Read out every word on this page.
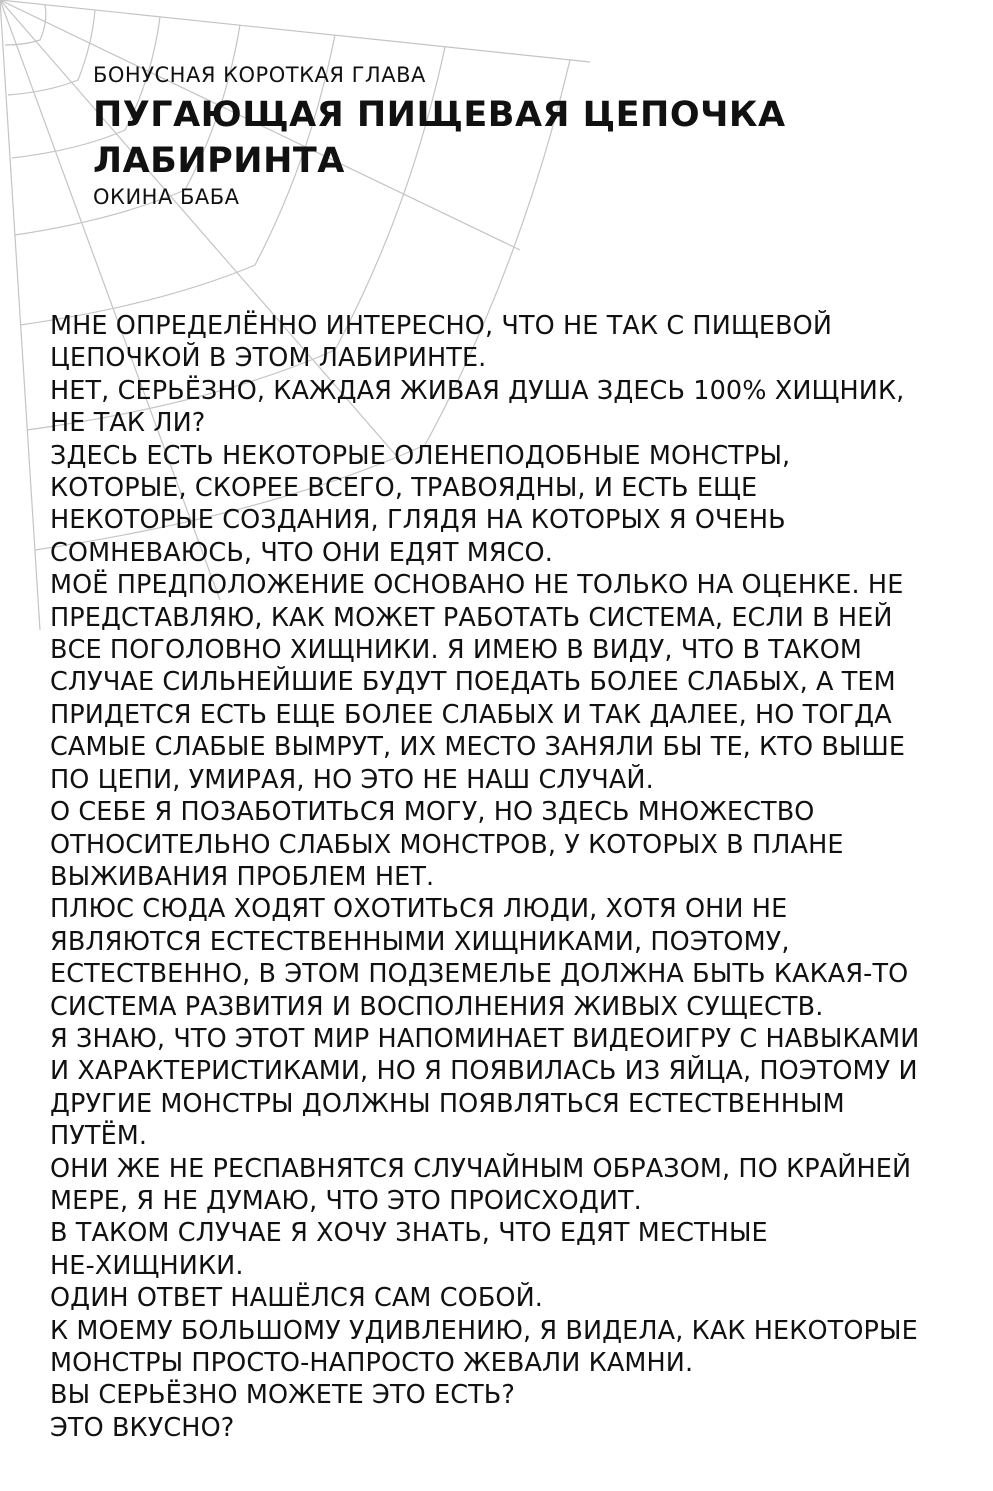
БОНУСНАЯ КОРОТКАЯ ГЛАВА

ПУГАЮЩАЯ ПИЩЕВАЯ ЦЕПОЧКА
ЛАБИРИНТА

ОКИНА БАБА

МНЕ ОПРЕДЕЛЁННО ИНТЕРЕСНО, ЧТО НЕ ТАК С ПИЩЕВОЙ
ЦЕПОЧКОЙ В ЭТОМ ЛАБИРИНТЕ.
НЕТ, СЕРЬЁЗНО, КАЖДАЯ ЖИВАЯ ДУША ЗДЕСЬ 100% ХИЩНИК,
НЕ ТАК ЛИ?
ЗДЕСЬ ЕСТЬ НЕКОТОРЫЕ ОЛЕНЕПОДОБНЫЕ МОНСТРЫ,
КОТОРЫЕ, СКОРЕЕ ВСЕГО, ТРАВОЯДНЫ, И ЕСТЬ ЕЩЕ
НЕКОТОРЫЕ СОЗДАНИЯ, ГЛЯДЯ НА КОТОРЫХ Я ОЧЕНЬ
СОМНЕВАЮСЬ, ЧТО ОНИ ЕДЯТ МЯСО.
МОЁ ПРЕДПОЛОЖЕНИЕ ОСНОВАНО НЕ ТОЛЬКО НА ОЦЕНКЕ. НЕ
ПРЕДСТАВЛЯЮ, КАК МОЖЕТ РАБОТАТЬ СИСТЕМА, ЕСЛИ В НЕЙ
ВСЕ ПОГОЛОВНО ХИЩНИКИ. Я ИМЕЮ В ВИДУ, ЧТО В ТАКОМ
СЛУЧАЕ СИЛЬНЕЙШИЕ БУДУТ ПОЕДАТЬ БОЛЕЕ СЛАБЫХ, А ТЕМ
ПРИДЕТСЯ ЕСТЬ ЕЩЕ БОЛЕЕ СЛАБЫХ И ТАК ДАЛЕЕ, НО ТОГДА
САМЫЕ СЛАБЫЕ ВЫМРУТ, ИХ МЕСТО ЗАНЯЛИ БЫ ТЕ, КТО ВЫШЕ
ПО ЦЕПИ, УМИРАЯ, НО ЭТО НЕ НАШ СЛУЧАЙ.
О СЕБЕ Я ПОЗАБОТИТЬСЯ МОГУ, НО ЗДЕСЬ МНОЖЕСТВО
ОТНОСИТЕЛЬНО СЛАБЫХ МОНСТРОВ, У КОТОРЫХ В ПЛАНЕ
ВЫЖИВАНИЯ ПРОБЛЕМ НЕТ.
ПЛЮС СЮДА ХОДЯТ ОХОТИТЬСЯ ЛЮДИ, ХОТЯ ОНИ НЕ
ЯВЛЯЮТСЯ ЕСТЕСТВЕННЫМИ ХИЩНИКАМИ, ПОЭТОМУ,
ЕСТЕСТВЕННО, В ЭТОМ ПОДЗЕМЕЛЬЕ ДОЛЖНА БЫТЬ КАКАЯ-ТО
СИСТЕМА РАЗВИТИЯ И ВОСПОЛНЕНИЯ ЖИВЫХ СУЩЕСТВ.
Я ЗНАЮ, ЧТО ЭТОТ МИР НАПОМИНАЕТ ВИДЕОИГРУ С НАВЫКАМИ
И ХАРАКТЕРИСТИКАМИ, НО Я ПОЯВИЛАСЬ ИЗ ЯЙЦА, ПОЭТОМУ И
ДРУГИЕ МОНСТРЫ ДОЛЖНЫ ПОЯВЛЯТЬСЯ ЕСТЕСТВЕННЫМ
ПУТЁМ.
ОНИ ЖЕ НЕ РЕСПАВНЯТСЯ СЛУЧАЙНЫМ ОБРАЗОМ, ПО КРАЙНЕЙ
МЕРЕ, Я НЕ ДУМАЮ, ЧТО ЭТО ПРОИСХОДИТ.
В ТАКОМ СЛУЧАЕ Я ХОЧУ ЗНАТЬ, ЧТО ЕДЯТ МЕСТНЫЕ
НЕ-ХИЩНИКИ.
ОДИН ОТВЕТ НАШЁЛСЯ САМ СОБОЙ.
К МОЕМУ БОЛЬШОМУ УДИВЛЕНИЮ, Я ВИДЕЛА, КАК НЕКОТОРЫЕ
МОНСТРЫ ПРОСТО-НАПРОСТО ЖЕВАЛИ КАМНИ.
ВЫ СЕРЬЁЗНО МОЖЕТЕ ЭТО ЕСТЬ?
ЭТО ВКУСНО?
